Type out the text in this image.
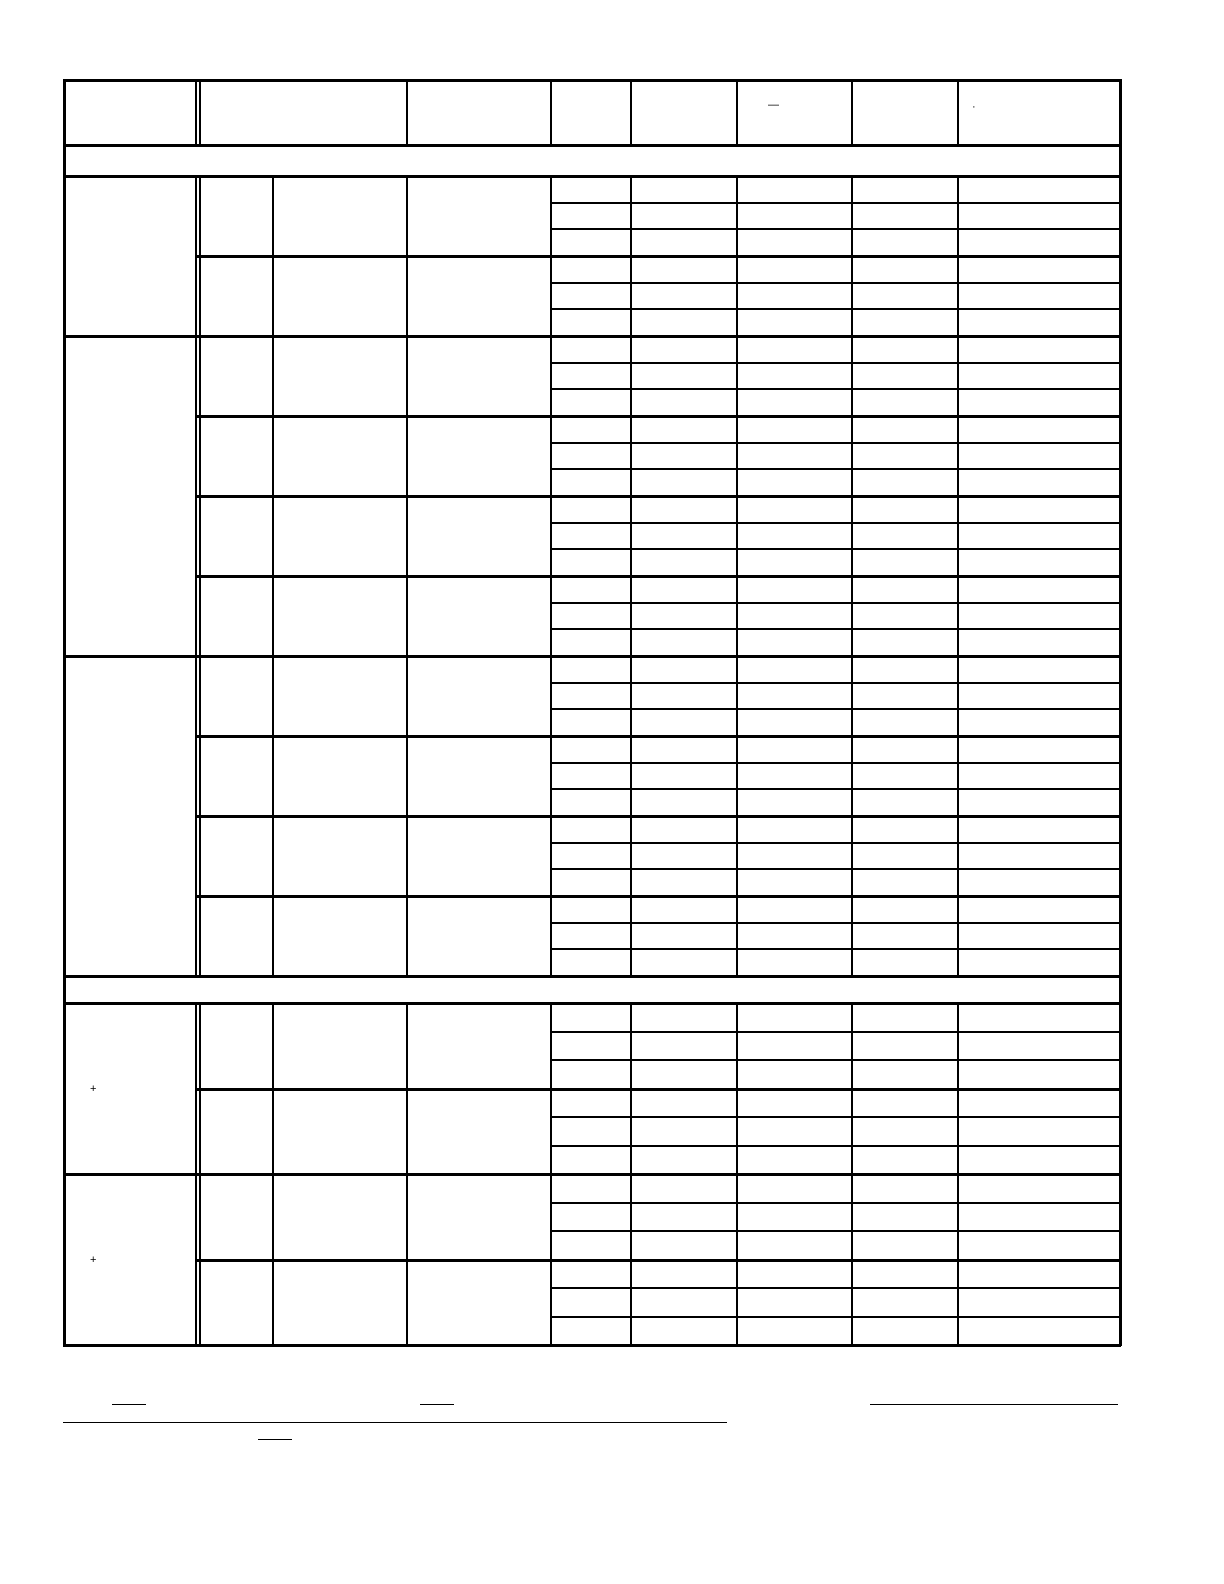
—	·
+
+
